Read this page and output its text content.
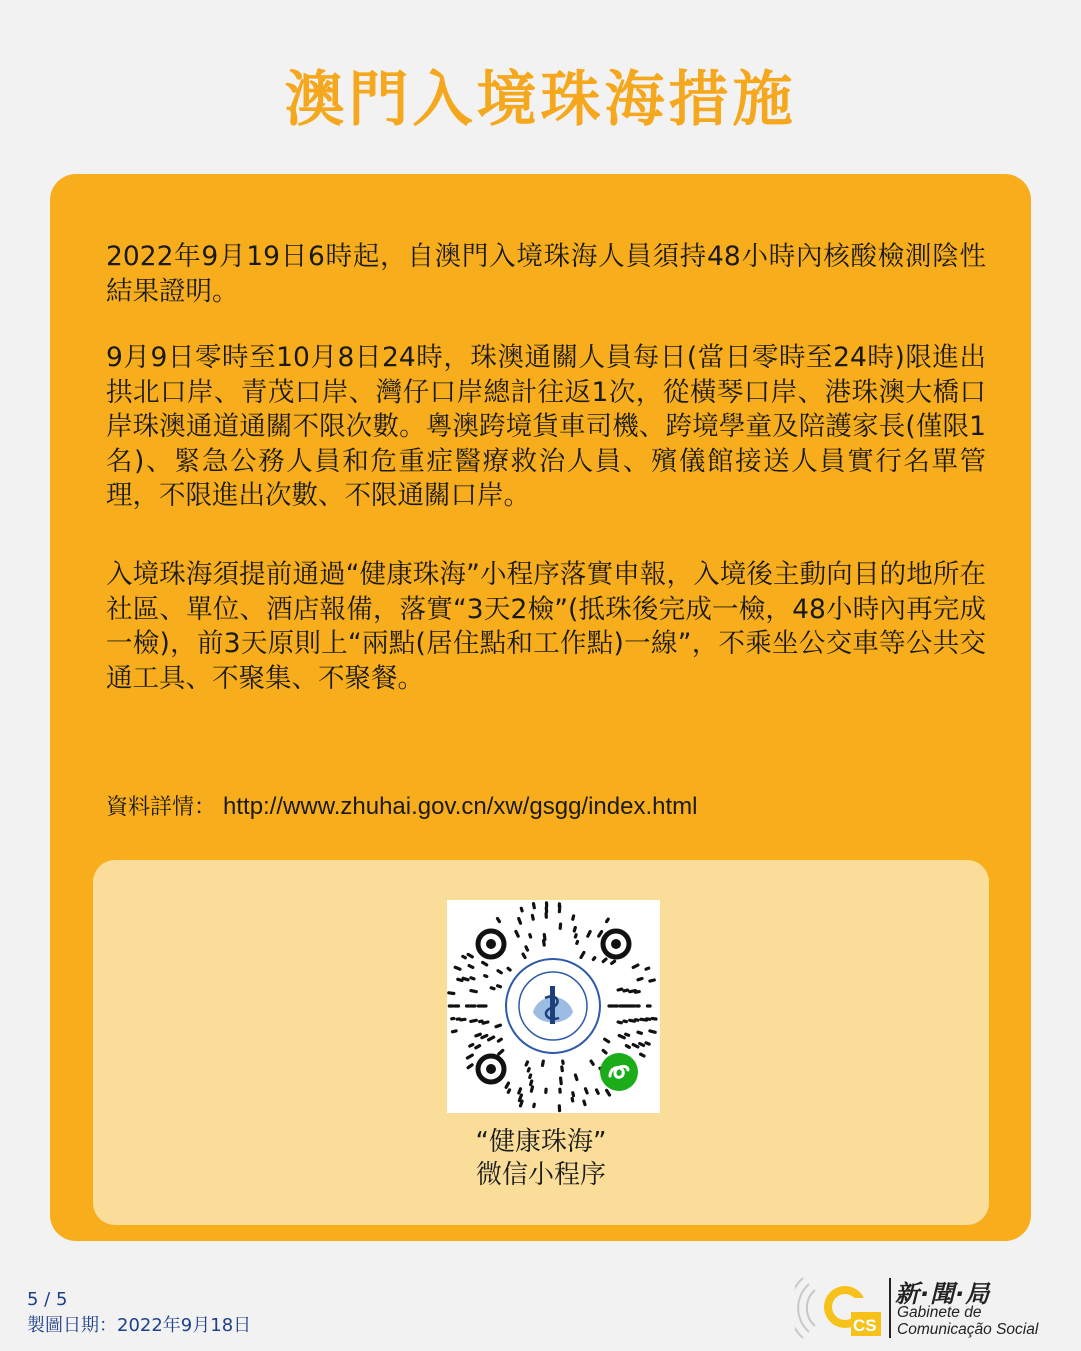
澳門入境珠海措施

2022年9月19日6時起，自澳門入境珠海人員須持48小時內核酸檢測陰性結果證明。

9月9日零時至10月8日24時，珠澳通關人員每日(當日零時至24時)限進出拱北口岸、青茂口岸、灣仔口岸總計往返1次，從橫琴口岸、港珠澳大橋口岸珠澳通道通關不限次數。粵澳跨境貨車司機、跨境學童及陪護家長(僅限1名)、緊急公務人員和危重症醫療救治人員、殯儀館接送人員實行名單管理，不限進出次數、不限通關口岸。

入境珠海須提前通過“健康珠海”小程序落實申報，入境後主動向目的地所在社區、單位、酒店報備，落實“3天2檢”(抵珠後完成一檢，48小時內再完成一檢)，前3天原則上“兩點(居住點和工作點)一線”，不乘坐公交車等公共交通工具、不聚集、不聚餐。

資料詳情： http://www.zhuhai.gov.cn/xw/gsgg/index.html
“健康珠海”
微信小程序
5 / 5
製圖日期：2022年9月18日	CS
新·聞·局
Gabinete de
Comunicação Social
